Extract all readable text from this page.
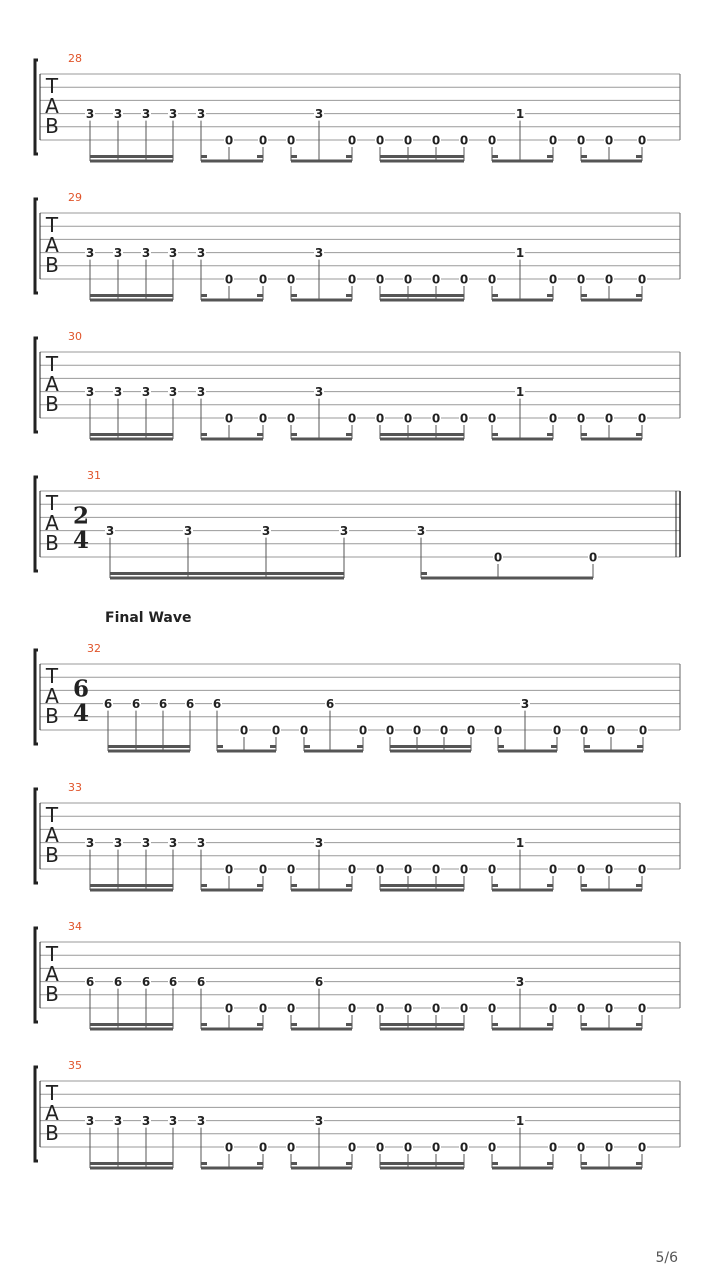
28
T
A
B 3 3 3 3 3	3	1
0 0 0	0 0 0 0 0 0	0 0 0 0
29
T
A
B 3 3 3 3 3	3	1
0 0 0	0 0 0 0 0 0	0 0 0 0
30
T
A
B 3 3 3 3 3	3	1
0 0 0	0 0 0 0 0 0	0 0 0 0
31
T
A
B
2
4 3	3	3	3	3
0	0
32
T
A
B
6
4 6 6 6 6 6	6	3
0 0 0	0 0 0 0 0 0	0 0 0 0
33
T
A
B 3 3 3 3 3	3	1
0 0 0	0 0 0 0 0 0	0 0 0 0
34
T
A
B 6 6 6 6 6	6	3
0 0 0	0 0 0 0 0 0	0 0 0 0
35
T
A
B 3 3 3 3 3	3	1
0 0 0	0 0 0 0 0 0	0 0 0 0
Final Wave
5/6
